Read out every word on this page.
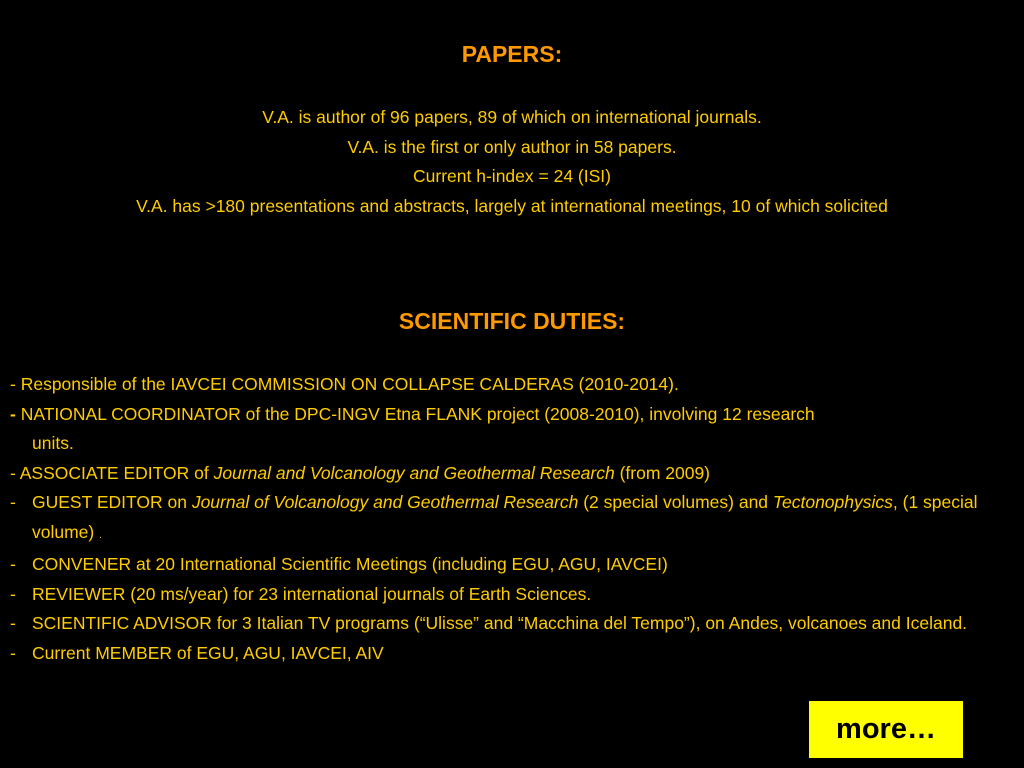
PAPERS:
V.A. is author of 96 papers, 89 of which on international journals.
V.A. is the first or only author in 58 papers.
Current h-index = 24 (ISI)
V.A. has >180 presentations and abstracts, largely at international meetings, 10 of which solicited
SCIENTIFIC DUTIES:
- Responsible of the IAVCEI COMMISSION ON COLLAPSE CALDERAS (2010-2014).
- NATIONAL COORDINATOR of the DPC-INGV Etna FLANK project (2008-2010), involving 12 research
units.
- ASSOCIATE EDITOR of Journal and Volcanology and Geothermal Research (from 2009)
- GUEST EDITOR on Journal of Volcanology and Geothermal Research (2 special volumes) and Tectonophysics, (1 special volume) .
- CONVENER at 20 International Scientific Meetings (including EGU, AGU, IAVCEI)
- REVIEWER (20 ms/year) for 23 international journals of Earth Sciences.
- SCIENTIFIC ADVISOR for 3 Italian TV programs (“Ulisse” and “Macchina del Tempo”), on Andes, volcanoes and Iceland.
- Current MEMBER of EGU, AGU, IAVCEI, AIV
more…
